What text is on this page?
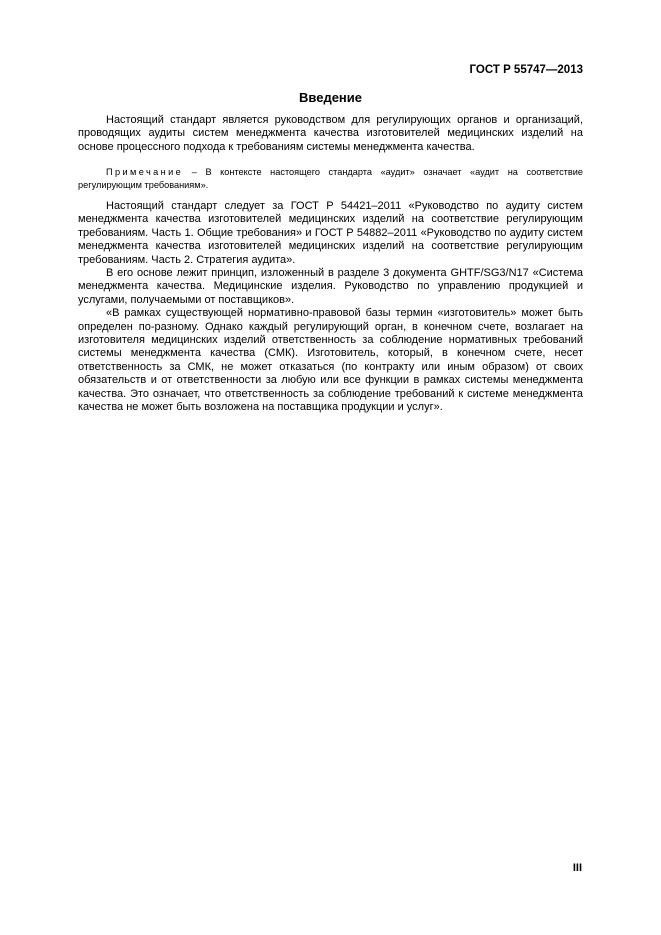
ГОСТ Р 55747—2013
Введение

Настоящий стандарт является руководством для регулирующих органов и организаций, проводящих аудиты систем менеджмента качества изготовителей медицинских изделий на основе процессного подхода к требованиям системы менеджмента качества.

Примечание – В контексте настоящего стандарта «аудит» означает «аудит на соответствие регулирующим требованиям».

Настоящий стандарт следует за ГОСТ Р 54421–2011 «Руководство по аудиту систем менеджмента качества изготовителей медицинских изделий на соответствие регулирующим требованиям. Часть 1. Общие требования» и ГОСТ Р 54882–2011 «Руководство по аудиту систем менеджмента качества изготовителей медицинских изделий на соответствие регулирующим требованиям. Часть 2. Стратегия аудита».

В его основе лежит принцип, изложенный в разделе 3 документа GHTF/SG3/N17 «Система менеджмента качества. Медицинские изделия. Руководство по управлению продукцией и услугами, получаемыми от поставщиков».

«В рамках существующей нормативно-правовой базы термин «изготовитель» может быть определен по-разному. Однако каждый регулирующий орган, в конечном счете, возлагает на изготовителя медицинских изделий ответственность за соблюдение нормативных требований системы менеджмента качества (СМК). Изготовитель, который, в конечном счете, несет ответственность за СМК, не может отказаться (по контракту или иным образом) от своих обязательств и от ответственности за любую или все функции в рамках системы менеджмента качества. Это означает, что ответственность за соблюдение требований к системе менеджмента качества не может быть возложена на поставщика продукции и услуг».

III
